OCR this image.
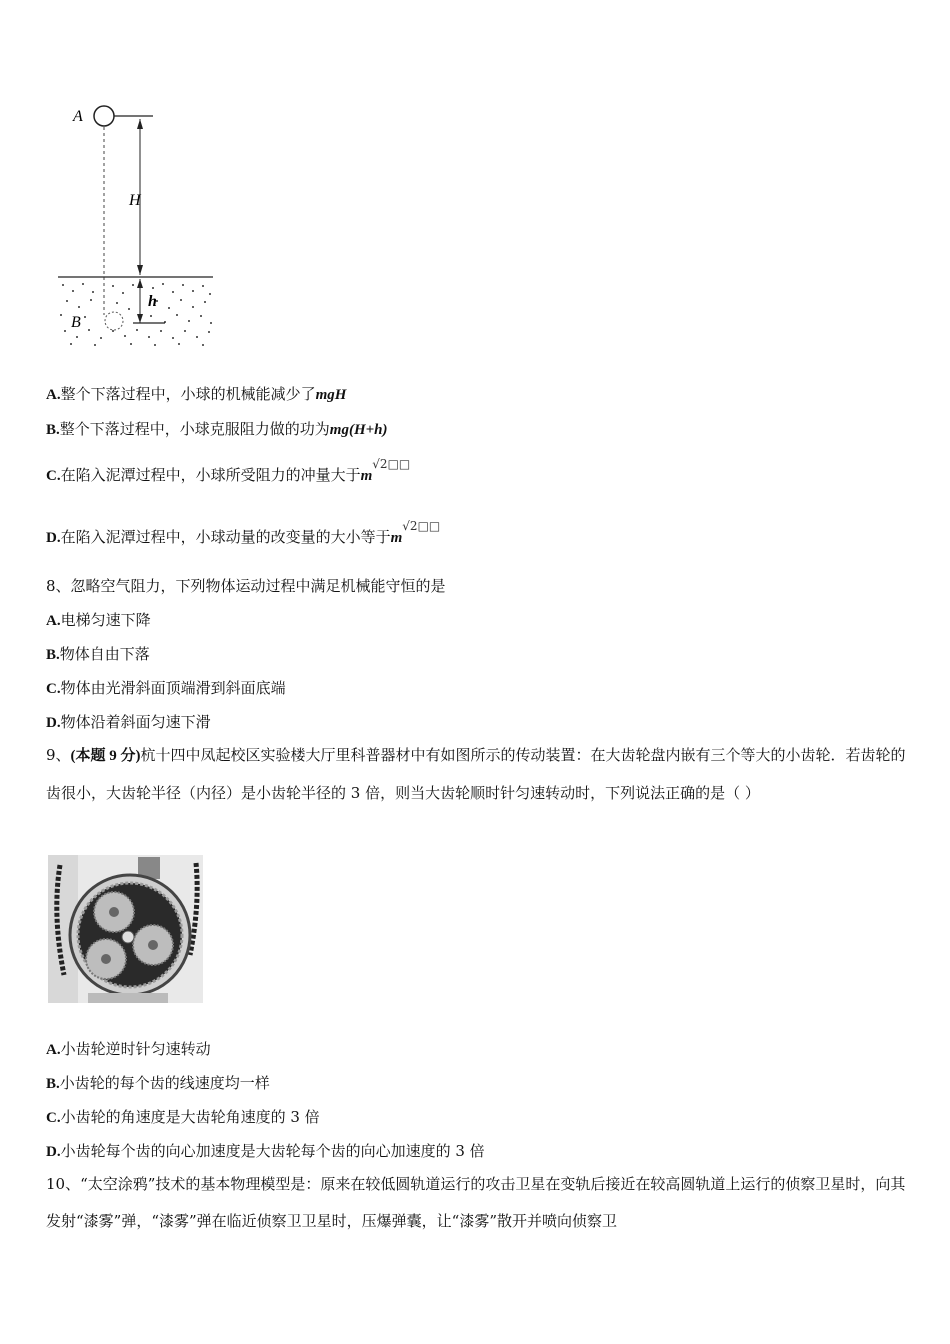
A
H
h
B
A.整个下落过程中，小球的机械能减少了mgH
B.整个下落过程中，小球克服阻力做的功为mg(H+h)
C.在陷入泥潭过程中，小球所受阻力的冲量大于$m^{√2□□}$
D.在陷入泥潭过程中，小球动量的改变量的大小等于$m^{√2□□}$
8、忽略空气阻力，下列物体运动过程中满足机械能守恒的是
A.电梯匀速下降
B.物体自由下落
C.物体由光滑斜面顶端滑到斜面底端
D.物体沿着斜面匀速下滑
9、(本题 9 分)杭十四中凤起校区实验楼大厅里科普器材中有如图所示的传动装置：在大齿轮盘内嵌有三个等大的小齿轮．若齿轮的齿很小，大齿轮半径（内径）是小齿轮半径的 3 倍，则当大齿轮顺时针匀速转动时，下列说法正确的是（ ）
A.小齿轮逆时针匀速转动
B.小齿轮的每个齿的线速度均一样
C.小齿轮的角速度是大齿轮角速度的 3 倍
D.小齿轮每个齿的向心加速度是大齿轮每个齿的向心加速度的 3 倍
10、“太空涂鸦”技术的基本物理模型是：原来在较低圆轨道运行的攻击卫星在变轨后接近在较高圆轨道上运行的侦察卫星时，向其发射“漆雾”弹，“漆雾”弹在临近侦察卫卫星时，压爆弹囊，让“漆雾”散开并喷向侦察卫
